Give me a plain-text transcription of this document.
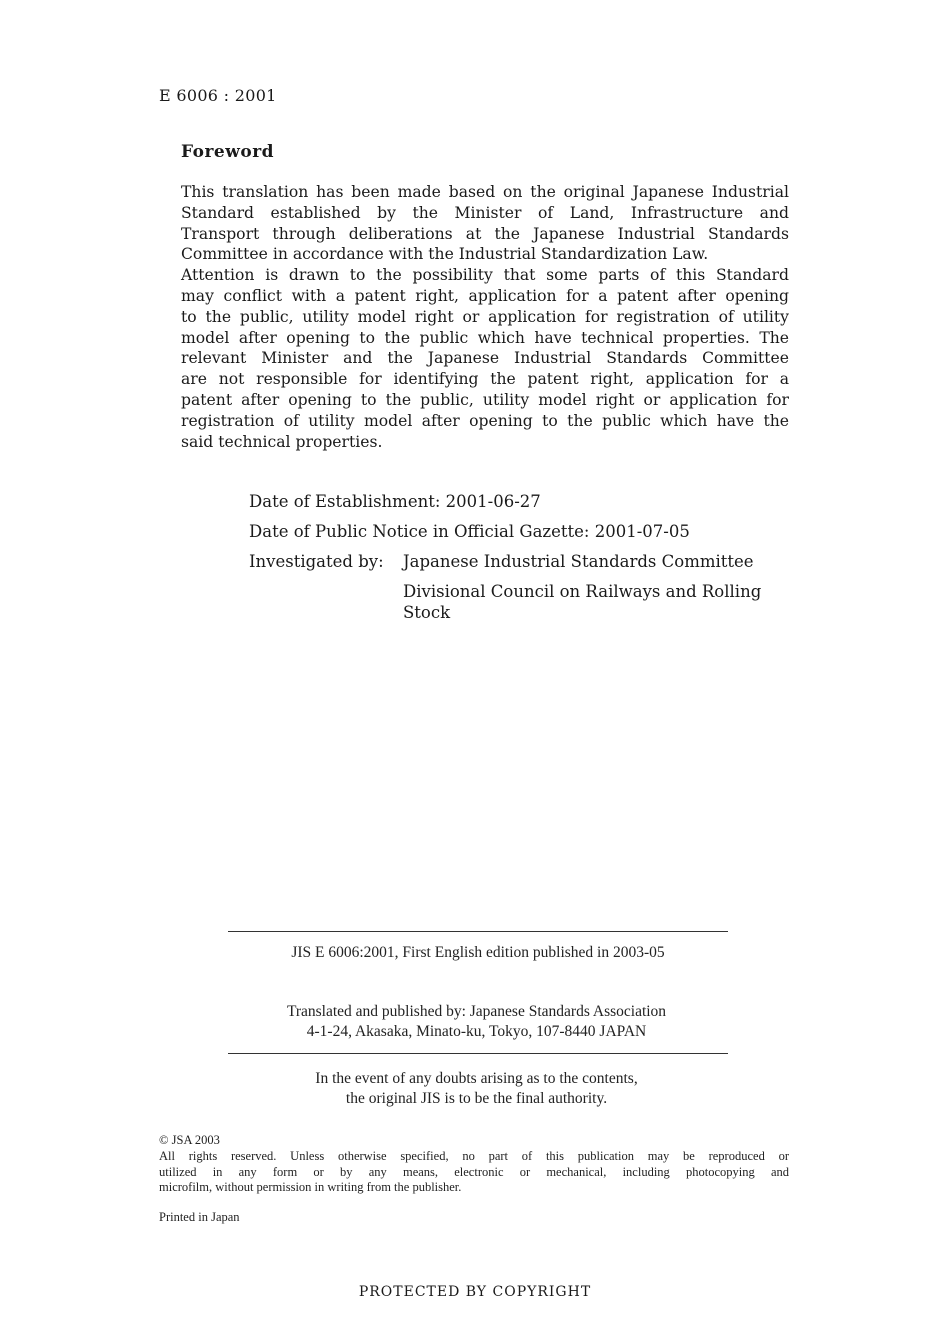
E 6006 : 2001
Foreword
This translation has been made based on the original Japanese Industrial
Standard established by the Minister of Land, Infrastructure and
Transport through deliberations at the Japanese Industrial Standards
Committee in accordance with the Industrial Standardization Law.
Attention is drawn to the possibility that some parts of this Standard
may conflict with a patent right, application for a patent after opening
to the public, utility model right or application for registration of utility
model after opening to the public which have technical properties. The
relevant Minister and the Japanese Industrial Standards Committee
are not responsible for identifying the patent right, application for a
patent after opening to the public, utility model right or application for
registration of utility model after opening to the public which have the
said technical properties.
Date of Establishment: 2001-06-27
Date of Public Notice in Official Gazette: 2001-07-05
Investigated by: Japanese Industrial Standards Committee
Divisional Council on Railways and Rolling
Stock
JIS E 6006:2001, First English edition published in 2003-05
Translated and published by: Japanese Standards Association
4-1-24, Akasaka, Minato-ku, Tokyo, 107-8440 JAPAN
In the event of any doubts arising as to the contents,
the original JIS is to be the final authority.
© JSA 2003
All rights reserved. Unless otherwise specified, no part of this publication may be reproduced or
utilized in any form or by any means, electronic or mechanical, including photocopying and
microfilm, without permission in writing from the publisher.
Printed in Japan
PROTECTED BY COPYRIGHT
